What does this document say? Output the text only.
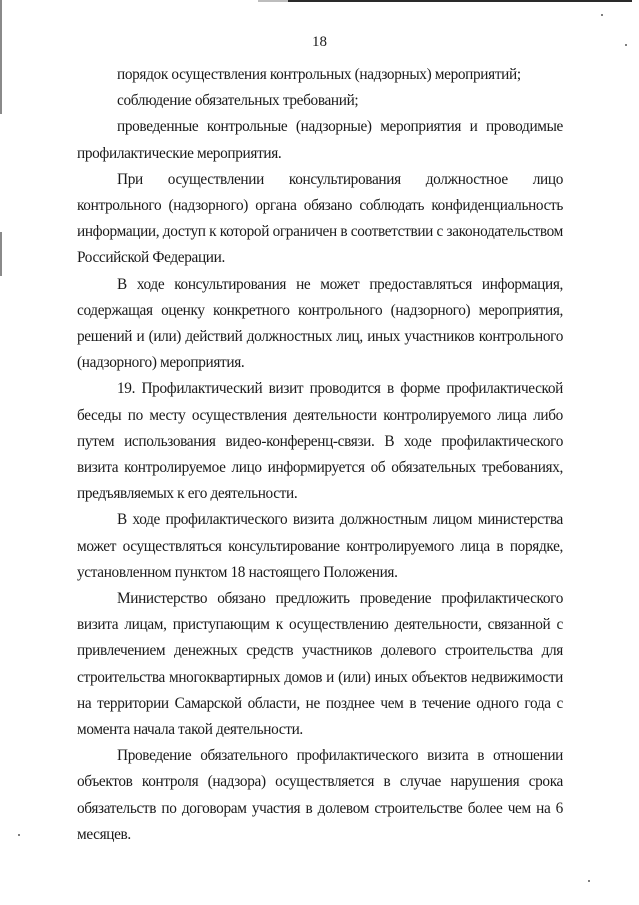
18

порядок осуществления контрольных (надзорных) мероприятий;

соблюдение обязательных требований;

проведенные контрольные (надзорные) мероприятия и проводимые профилактические мероприятия.

При осуществлении консультирования должностное лицо контрольного (надзорного) органа обязано соблюдать конфиденциальность информации, доступ к которой ограничен в соответствии с законодательством Российской Федерации.

В ходе консультирования не может предоставляться информация, содержащая оценку конкретного контрольного (надзорного) мероприятия, решений и (или) действий должностных лиц, иных участников контрольного (надзорного) мероприятия.

19. Профилактический визит проводится в форме профилактической беседы по месту осуществления деятельности контролируемого лица либо путем использования видео-конференц-связи. В ходе профилактического визита контролируемое лицо информируется об обязательных требованиях, предъявляемых к его деятельности.

В ходе профилактического визита должностным лицом министерства может осуществляться консультирование контролируемого лица в порядке, установленном пунктом 18 настоящего Положения.

Министерство обязано предложить проведение профилактического визита лицам, приступающим к осуществлению деятельности, связанной с привлечением денежных средств участников долевого строительства для строительства многоквартирных домов и (или) иных объектов недвижимости на территории Самарской области, не позднее чем в течение одного года с момента начала такой деятельности.

Проведение обязательного профилактического визита в отношении объектов контроля (надзора) осуществляется в случае нарушения срока обязательств по договорам участия в долевом строительстве более чем на 6 месяцев.
